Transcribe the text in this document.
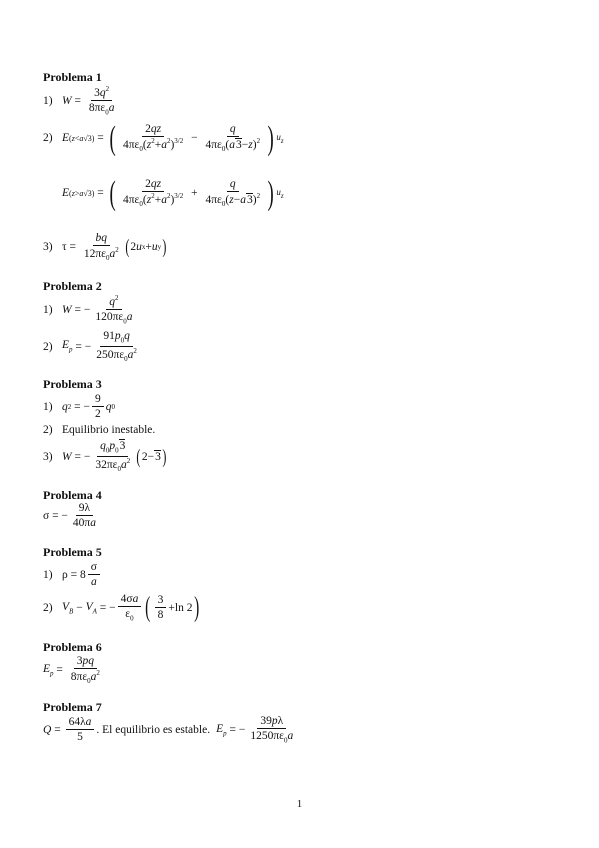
Problema 1
1) $W = \frac{3q^2}{8\pi\varepsilon_0a}$
2) E (z<a√3) = ( $\frac{2qz}{4\pi\varepsilon_0(z^2+a^2)^{3/2}} - \frac{q}{4\pi\varepsilon_0(a3-z)^2}$ ) $u_z$
E (z>a√3) = ( $\frac{2qz}{4\pi\varepsilon_0(z^2+a^2)^{3/2}} + \frac{q}{4\pi\varepsilon_0(z-a3)^2}$ ) $u_z$
3) $\tau = \frac{bq}{12\pi\varepsilon_0a^2}$ ( 2 u x + u y )
Problema 2
1) W = − $\frac{q^2}{120\pi\varepsilon_0a}$
2) $E_p$ = − $\frac{91p_0q}{250\pi\varepsilon_0a^2}$
Problema 3
1) q 2 = − $\frac{9}{2}$ q 0
2) Equilibrio inestable.
3) W = − $\frac{q_0p_03}{32\pi\varepsilon_0a^2}$ ( 2− 3 )
Problema 4
σ = − $\frac{9\lambda}{40\pi a}$
Problema 5
1) $\rho = 8 \frac{\sigma}{a}$
2) $V_B - V_A$ = − $\frac{4\sigma a}{\varepsilon_0}$ ( $\frac{3}{8} +\ln$ 2 )
Problema 6
$E_p = \frac{3pq}{8\pi\varepsilon_0a^2}$
Problema 7
$Q = \frac{64\lambda a}{5}$ . El equilibrio es estable. $E_p$ = − $\frac{39p\lambda}{1250\pi\varepsilon_0a}$
1
